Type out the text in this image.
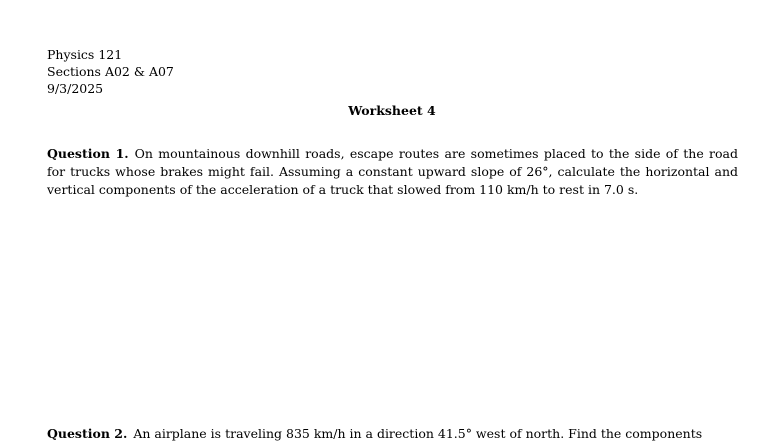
Physics 121
Sections A02 & A07
9/3/2025
Worksheet 4
Question 1. On mountainous downhill roads, escape routes are sometimes placed to the side of the road for trucks whose brakes might fail. Assuming a constant upward slope of 26°, calculate the horizontal and vertical components of the acceleration of a truck that slowed from 110 km/h to rest in 7.0 s.
Question 2. An airplane is traveling 835 km/h in a direction 41.5° west of north. Find the components
